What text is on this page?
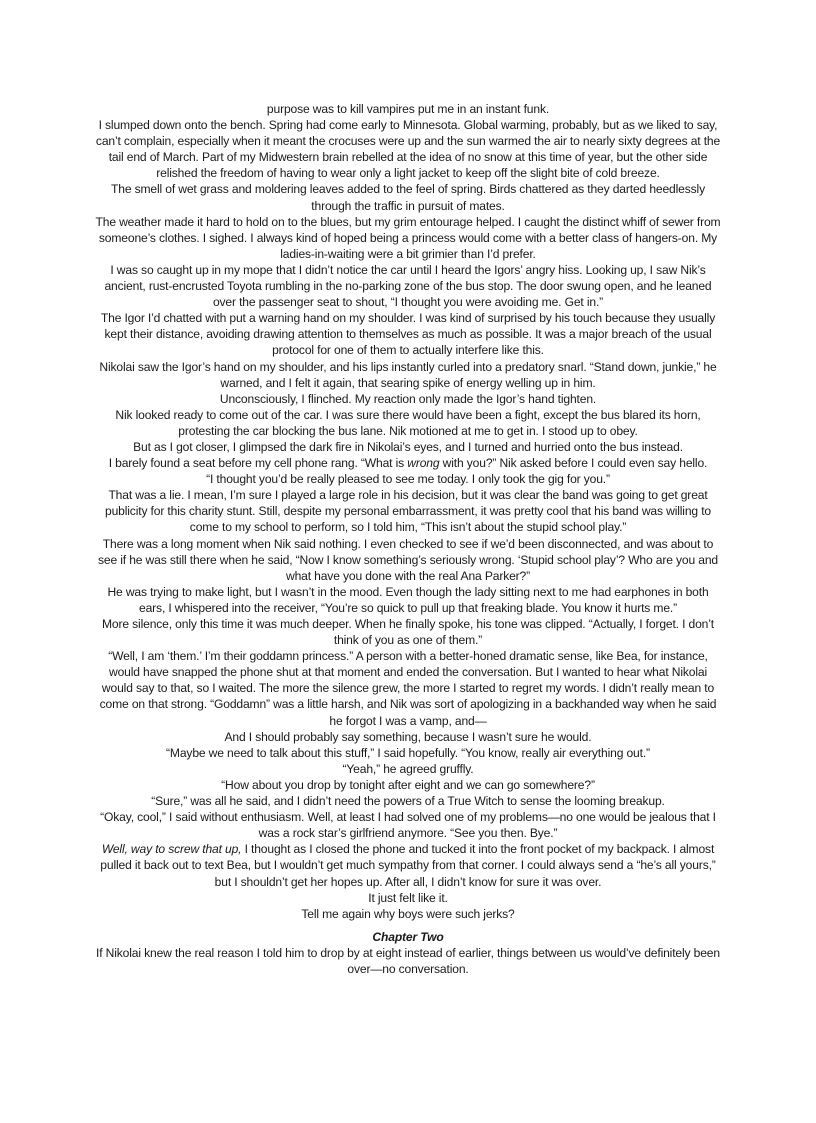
purpose was to kill vampires put me in an instant funk.

I slumped down onto the bench. Spring had come early to Minnesota. Global warming, probably, but as we liked to say, can’t complain, especially when it meant the crocuses were up and the sun warmed the air to nearly sixty degrees at the tail end of March. Part of my Midwestern brain rebelled at the idea of no snow at this time of year, but the other side relished the freedom of having to wear only a light jacket to keep off the slight bite of cold breeze.

The smell of wet grass and moldering leaves added to the feel of spring. Birds chattered as they darted heedlessly through the traffic in pursuit of mates.

The weather made it hard to hold on to the blues, but my grim entourage helped. I caught the distinct whiff of sewer from someone’s clothes. I sighed. I always kind of hoped being a princess would come with a better class of hangers-on. My ladies-in-waiting were a bit grimier than I’d prefer.

I was so caught up in my mope that I didn’t notice the car until I heard the Igors’ angry hiss. Looking up, I saw Nik’s ancient, rust-encrusted Toyota rumbling in the no-parking zone of the bus stop. The door swung open, and he leaned over the passenger seat to shout, “I thought you were avoiding me. Get in.”

The Igor I’d chatted with put a warning hand on my shoulder. I was kind of surprised by his touch because they usually kept their distance, avoiding drawing attention to themselves as much as possible. It was a major breach of the usual protocol for one of them to actually interfere like this.

Nikolai saw the Igor’s hand on my shoulder, and his lips instantly curled into a predatory snarl. “Stand down, junkie,” he warned, and I felt it again, that searing spike of energy welling up in him.

Unconsciously, I flinched. My reaction only made the Igor’s hand tighten.

Nik looked ready to come out of the car. I was sure there would have been a fight, except the bus blared its horn, protesting the car blocking the bus lane. Nik motioned at me to get in. I stood up to obey.

But as I got closer, I glimpsed the dark fire in Nikolai’s eyes, and I turned and hurried onto the bus instead.

I barely found a seat before my cell phone rang. “What is wrong with you?” Nik asked before I could even say hello.

“I thought you’d be really pleased to see me today. I only took the gig for you.”

That was a lie. I mean, I’m sure I played a large role in his decision, but it was clear the band was going to get great publicity for this charity stunt. Still, despite my personal embarrassment, it was pretty cool that his band was willing to come to my school to perform, so I told him, “This isn’t about the stupid school play.”

There was a long moment when Nik said nothing. I even checked to see if we’d been disconnected, and was about to see if he was still there when he said, “Now I know something’s seriously wrong. ‘Stupid school play’? Who are you and what have you done with the real Ana Parker?”

He was trying to make light, but I wasn’t in the mood. Even though the lady sitting next to me had earphones in both ears, I whispered into the receiver, “You’re so quick to pull up that freaking blade. You know it hurts me.”

More silence, only this time it was much deeper. When he finally spoke, his tone was clipped. “Actually, I forget. I don’t think of you as one of them.”

“Well, I am ‘them.’ I’m their goddamn princess.” A person with a better-honed dramatic sense, like Bea, for instance, would have snapped the phone shut at that moment and ended the conversation. But I wanted to hear what Nikolai would say to that, so I waited. The more the silence grew, the more I started to regret my words. I didn’t really mean to come on that strong. “Goddamn” was a little harsh, and Nik was sort of apologizing in a backhanded way when he said he forgot I was a vamp, and—

And I should probably say something, because I wasn’t sure he would.

“Maybe we need to talk about this stuff,” I said hopefully. “You know, really air everything out.”

“Yeah,” he agreed gruffly.

“How about you drop by tonight after eight and we can go somewhere?”

“Sure,” was all he said, and I didn’t need the powers of a True Witch to sense the looming breakup.

“Okay, cool,” I said without enthusiasm. Well, at least I had solved one of my problems—no one would be jealous that I was a rock star’s girlfriend anymore. “See you then. Bye.”

Well, way to screw that up, I thought as I closed the phone and tucked it into the front pocket of my backpack. I almost pulled it back out to text Bea, but I wouldn’t get much sympathy from that corner. I could always send a “he’s all yours,” but I shouldn’t get her hopes up. After all, I didn’t know for sure it was over.

It just felt like it.

Tell me again why boys were such jerks?

Chapter Two

If Nikolai knew the real reason I told him to drop by at eight instead of earlier, things between us would’ve definitely been over—no conversation.
